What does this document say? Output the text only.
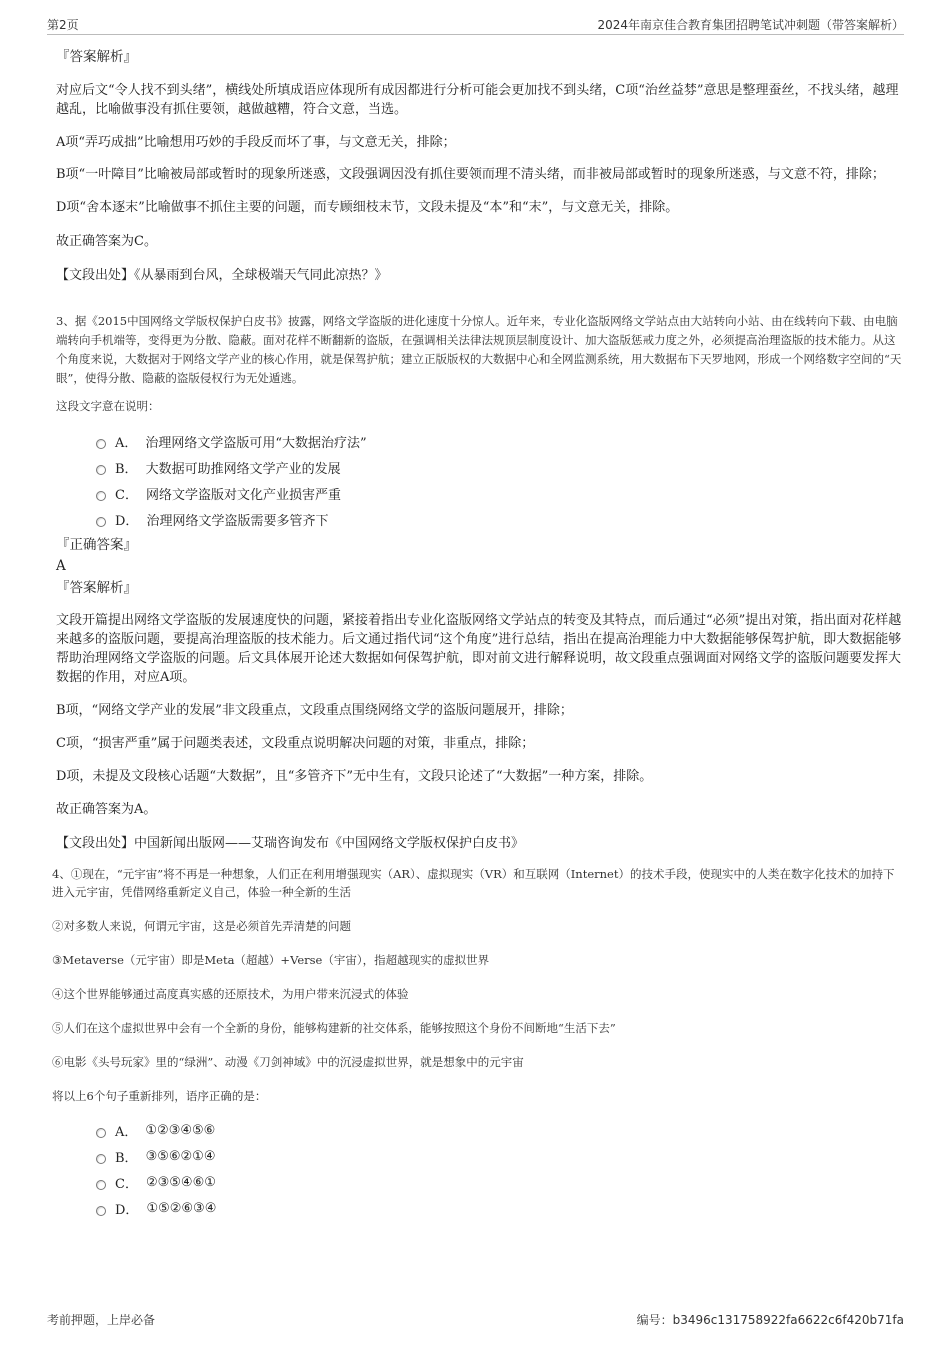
第2页	2024年南京佳合教育集团招聘笔试冲刺题（带答案解析）
『答案解析』

对应后文“令人找不到头绪”，横线处所填成语应体现所有成因都进行分析可能会更加找不到头绪，C项“治丝益棼”意思是整理蚕丝，不找头绪，越理越乱，比喻做事没有抓住要领，越做越糟，符合文意，当选。

A项“弄巧成拙”比喻想用巧妙的手段反而坏了事，与文意无关，排除；

B项“一叶障目”比喻被局部或暂时的现象所迷惑，文段强调因没有抓住要领而理不清头绪，而非被局部或暂时的现象所迷惑，与文意不符，排除；

D项“舍本逐末”比喻做事不抓住主要的问题，而专顾细枝末节，文段未提及“本”和“末”，与文意无关，排除。

故正确答案为C。

【文段出处】《从暴雨到台风，全球极端天气同此凉热？》

3、据《2015中国网络文学版权保护白皮书》披露，网络文学盗版的进化速度十分惊人。近年来，专业化盗版网络文学站点由大站转向小站、由在线转向下载、由电脑端转向手机端等，变得更为分散、隐蔽。面对花样不断翻新的盗版，在强调相关法律法规顶层制度设计、加大盗版惩戒力度之外，必须提高治理盗版的技术能力。从这个角度来说，大数据对于网络文学产业的核心作用，就是保驾护航；建立正版版权的大数据中心和全网监测系统，用大数据布下天罗地网，形成一个网络数字空间的“天眼”，使得分散、隐蔽的盗版侵权行为无处遁逃。

这段文字意在说明：

A． 治理网络文学盗版可用“大数据治疗法”
B． 大数据可助推网络文学产业的发展
C． 网络文学盗版对文化产业损害严重
D． 治理网络文学盗版需要多管齐下
『正确答案』
A
『答案解析』

文段开篇提出网络文学盗版的发展速度快的问题，紧接着指出专业化盗版网络文学站点的转变及其特点，而后通过“必须”提出对策，指出面对花样越来越多的盗版问题，要提高治理盗版的技术能力。后文通过指代词“这个角度”进行总结，指出在提高治理能力中大数据能够保驾护航，即大数据能够帮助治理网络文学盗版的问题。后文具体展开论述大数据如何保驾护航，即对前文进行解释说明，故文段重点强调面对网络文学的盗版问题要发挥大数据的作用，对应A项。

B项，“网络文学产业的发展”非文段重点，文段重点围绕网络文学的盗版问题展开，排除；

C项，“损害严重”属于问题类表述，文段重点说明解决问题的对策，非重点，排除；

D项，未提及文段核心话题“大数据”，且“多管齐下”无中生有，文段只论述了“大数据”一种方案，排除。

故正确答案为A。

【文段出处】中国新闻出版网——艾瑞咨询发布《中国网络文学版权保护白皮书》

4、①现在，“元宇宙”将不再是一种想象，人们正在利用增强现实（AR）、虚拟现实（VR）和互联网（Internet）的技术手段，使现实中的人类在数字化技术的加持下进入元宇宙，凭借网络重新定义自己，体验一种全新的生活

②对多数人来说，何谓元宇宙，这是必须首先弄清楚的问题

③Metaverse（元宇宙）即是Meta（超越）+Verse（宇宙），指超越现实的虚拟世界

④这个世界能够通过高度真实感的还原技术，为用户带来沉浸式的体验

⑤人们在这个虚拟世界中会有一个全新的身份，能够构建新的社交体系，能够按照这个身份不间断地“生活下去”

⑥电影《头号玩家》里的“绿洲”、动漫《刀剑神域》中的沉浸虚拟世界，就是想象中的元宇宙

将以上6个句子重新排列，语序正确的是：

A． ①②③④⑤⑥
B． ③⑤⑥②①④
C． ②③⑤④⑥①
D． ①⑤②⑥③④
考前押题，上岸必备	编号：b3496c131758922fa6622c6f420b71fa
